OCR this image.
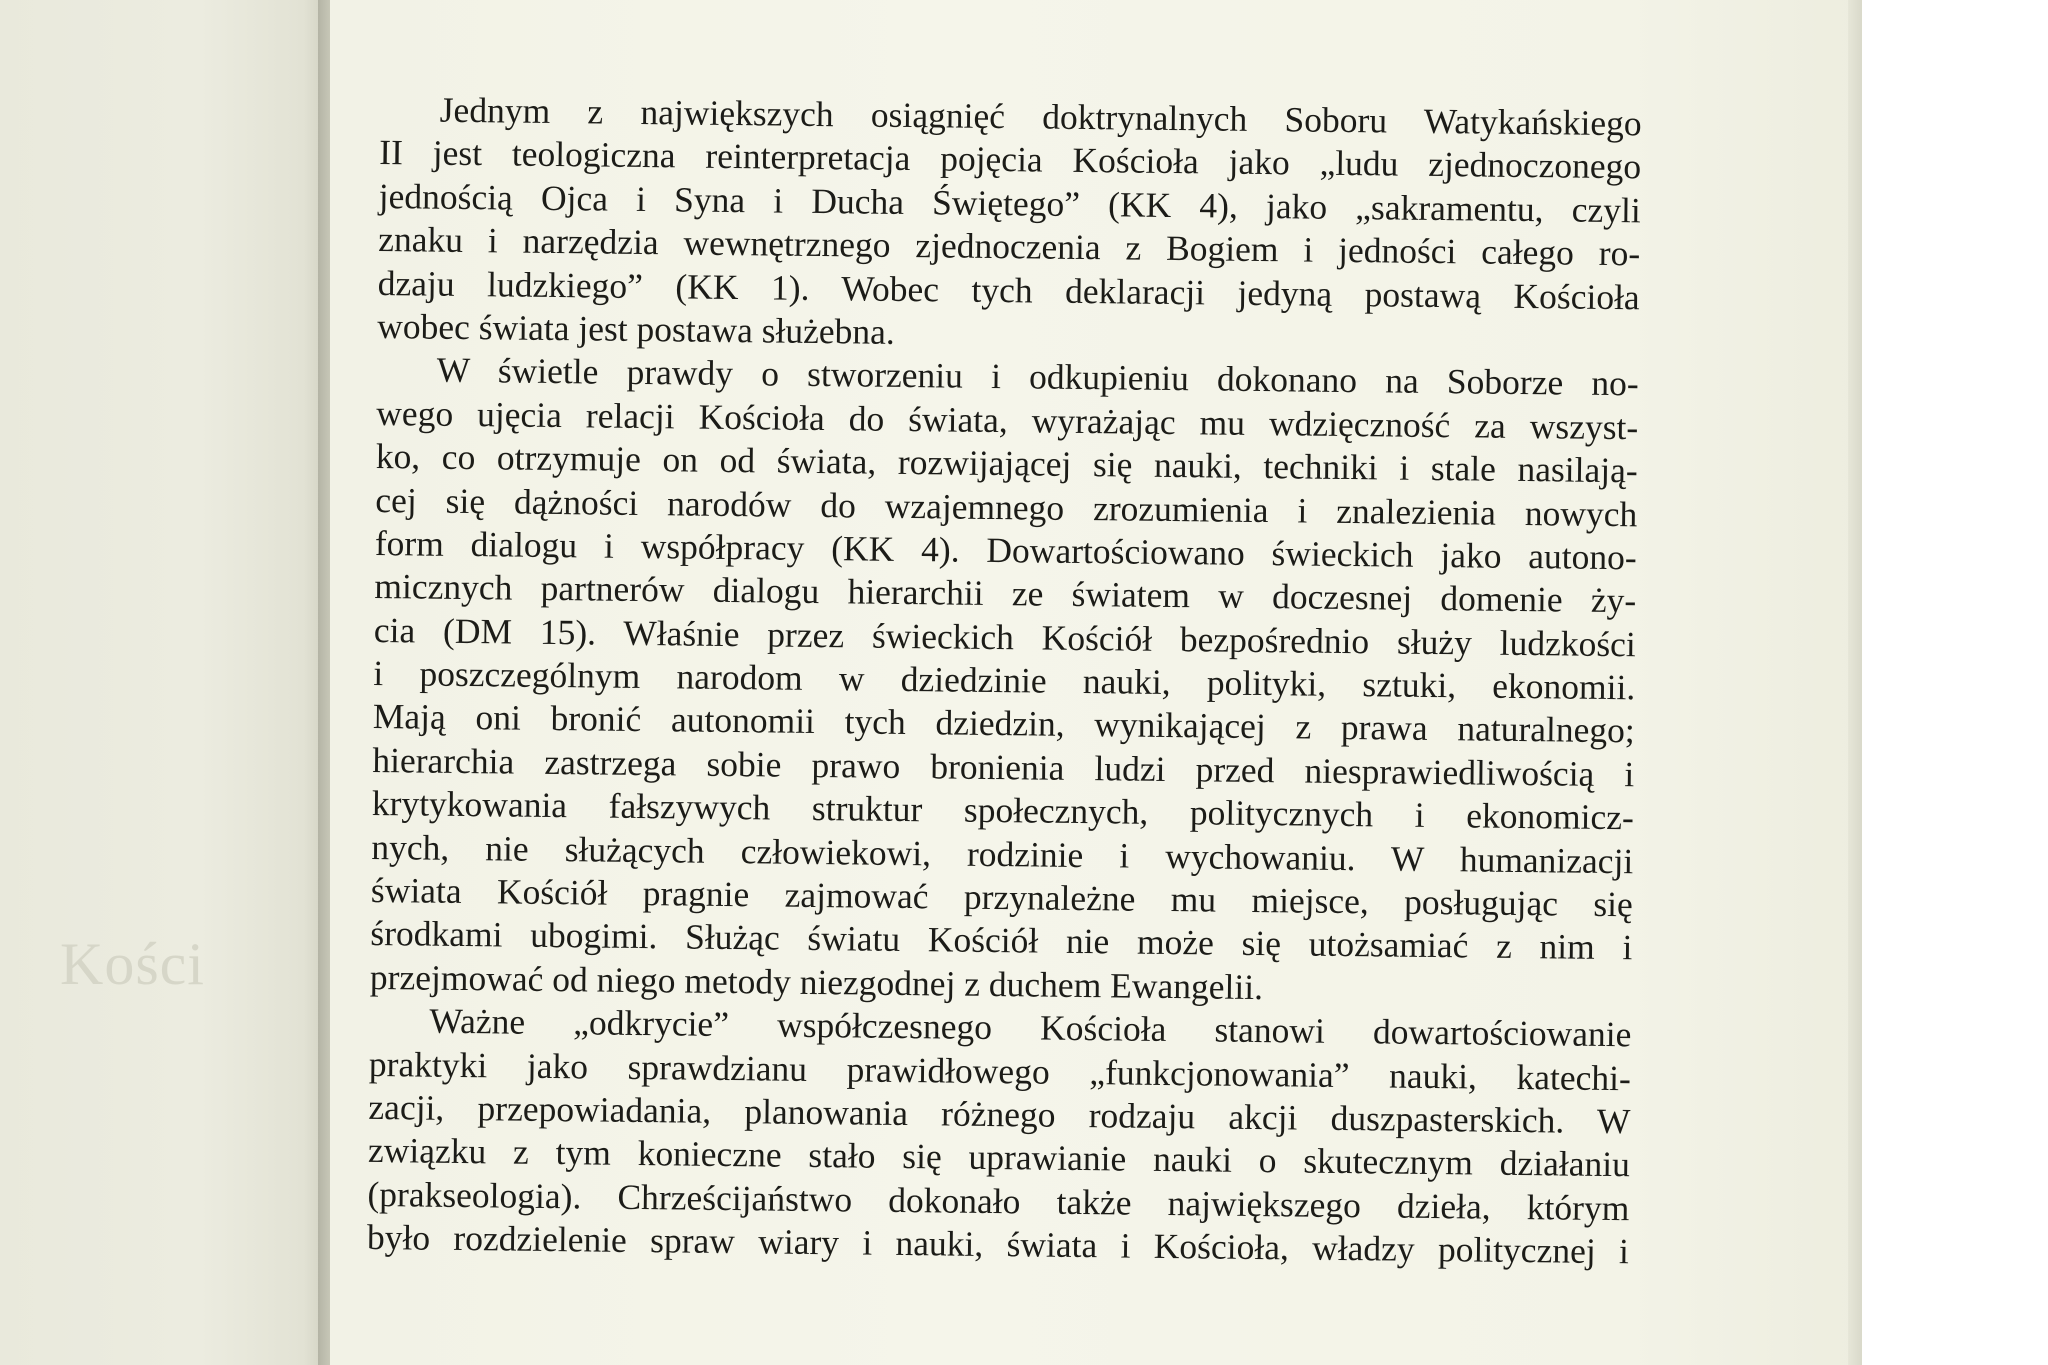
Kości
Jednym z największych osiągnięć doktrynalnych Soboru Watykańskiego
II jest teologiczna reinterpretacja pojęcia Kościoła jako „ludu zjednoczonego
jednością Ojca i Syna i Ducha Świętego” (KK 4), jako „sakramentu, czyli
znaku i narzędzia wewnętrznego zjednoczenia z Bogiem i jedności całego ro-
dzaju ludzkiego” (KK 1). Wobec tych deklaracji jedyną postawą Kościoła
wobec świata jest postawa służebna.
W świetle prawdy o stworzeniu i odkupieniu dokonano na Soborze no-
wego ujęcia relacji Kościoła do świata, wyrażając mu wdzięczność za wszyst-
ko, co otrzymuje on od świata, rozwijającej się nauki, techniki i stale nasilają-
cej się dążności narodów do wzajemnego zrozumienia i znalezienia nowych
form dialogu i współpracy (KK 4). Dowartościowano świeckich jako autono-
micznych partnerów dialogu hierarchii ze światem w doczesnej domenie ży-
cia (DM 15). Właśnie przez świeckich Kościół bezpośrednio służy ludzkości
i poszczególnym narodom w dziedzinie nauki, polityki, sztuki, ekonomii.
Mają oni bronić autonomii tych dziedzin, wynikającej z prawa naturalnego;
hierarchia zastrzega sobie prawo bronienia ludzi przed niesprawiedliwością i
krytykowania fałszywych struktur społecznych, politycznych i ekonomicz-
nych, nie służących człowiekowi, rodzinie i wychowaniu. W humanizacji
świata Kościół pragnie zajmować przynależne mu miejsce, posługując się
środkami ubogimi. Służąc światu Kościół nie może się utożsamiać z nim i
przejmować od niego metody niezgodnej z duchem Ewangelii.
Ważne „odkrycie” współczesnego Kościoła stanowi dowartościowanie
praktyki jako sprawdzianu prawidłowego „funkcjonowania” nauki, katechi-
zacji, przepowiadania, planowania różnego rodzaju akcji duszpasterskich. W
związku z tym konieczne stało się uprawianie nauki o skutecznym działaniu
(prakseologia). Chrześcijaństwo dokonało także największego dzieła, którym
było rozdzielenie spraw wiary i nauki, świata i Kościoła, władzy politycznej i
